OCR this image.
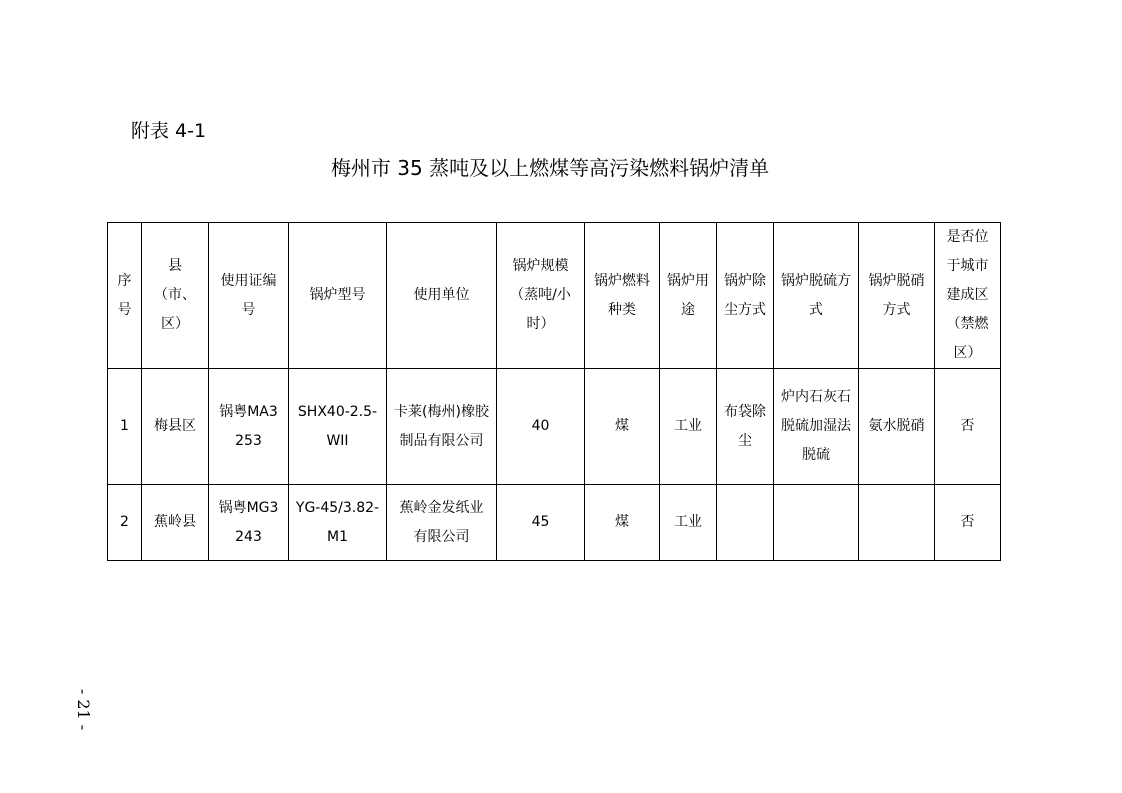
附表 4-1
梅州市 35 蒸吨及以上燃煤等高污染燃料锅炉清单
序号	县（市、区）	使用证编号	锅炉型号	使用单位	锅炉规模（蒸吨/小时）	锅炉燃料种类	锅炉用途	锅炉除尘方式	锅炉脱硫方式	锅炉脱硝方式	是否位于城市建成区（禁燃区）
1	梅县区	锅粤MA3253	SHX40-2.5-WII	卡莱(梅州)橡胶制品有限公司	40	煤	工业	布袋除尘	炉内石灰石脱硫加湿法脱硫	氨水脱硝	否
2	蕉岭县	锅粤MG3243	YG-45/3.82-M1	蕉岭金发纸业有限公司	45	煤	工业				否
- 21 -
